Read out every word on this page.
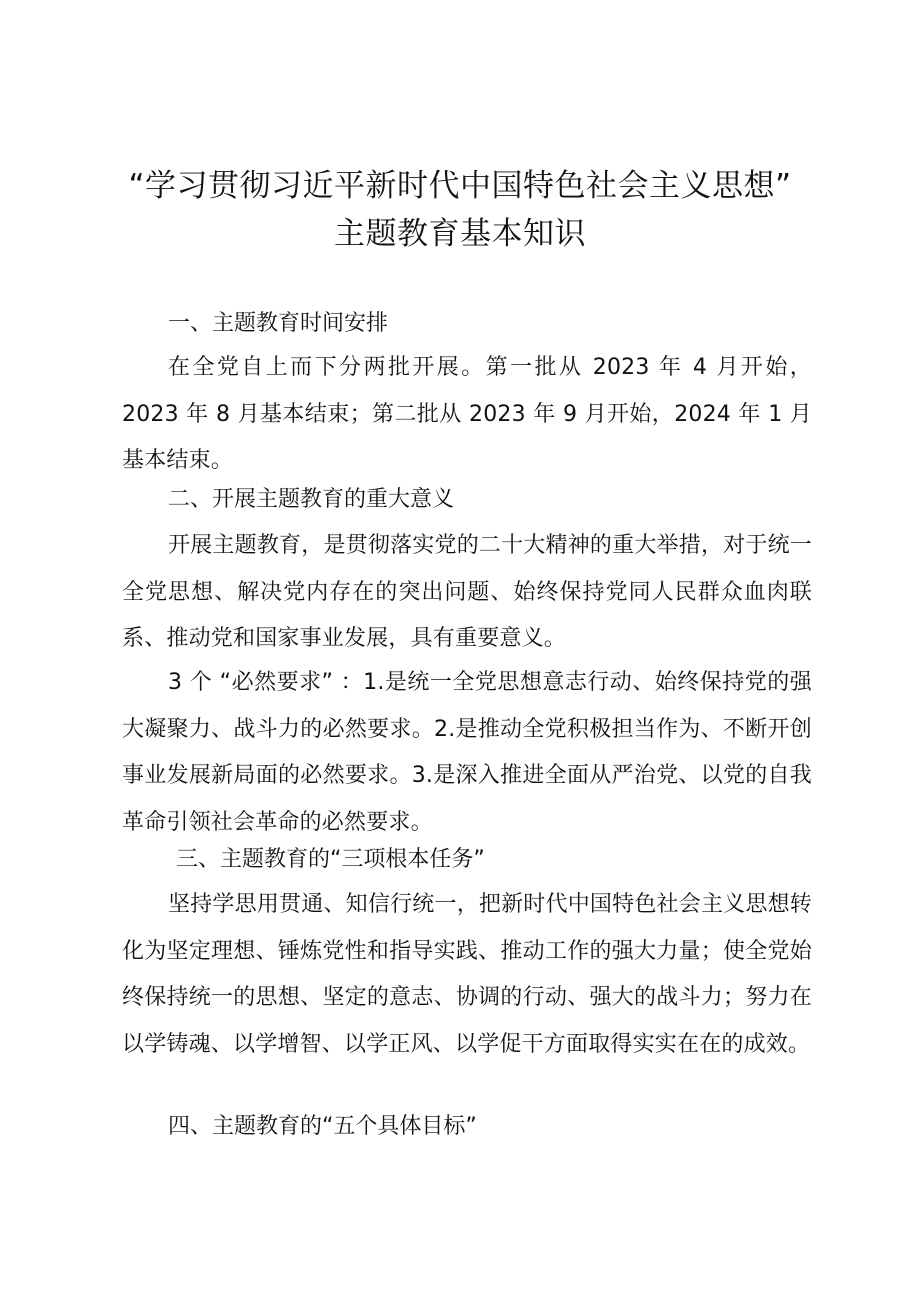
“学习贯彻习近平新时代中国特色社会主义思想”
主题教育基本知识
一、主题教育时间安排
在全党自上而下分两批开展。第一批从 2023 年 4 月开始，2023 年 8 月基本结束；第二批从 2023 年 9 月开始，2024 年 1 月基本结束。
二、开展主题教育的重大意义
开展主题教育，是贯彻落实党的二十大精神的重大举措，对于统一全党思想、解决党内存在的突出问题、始终保持党同人民群众血肉联系、推动党和国家事业发展，具有重要意义。
3 个 “必然要求” ：1.是统一全党思想意志行动、始终保持党的强大凝聚力、战斗力的必然要求。2.是推动全党积极担当作为、不断开创事业发展新局面的必然要求。3.是深入推进全面从严治党、以党的自我革命引领社会革命的必然要求。
三、主题教育的“三项根本任务”
坚持学思用贯通、知信行统一，把新时代中国特色社会主义思想转化为坚定理想、锤炼党性和指导实践、推动工作的强大力量；使全党始终保持统一的思想、坚定的意志、协调的行动、强大的战斗力；努力在以学铸魂、以学增智、以学正风、以学促干方面取得实实在在的成效。
四、主题教育的“五个具体目标”
